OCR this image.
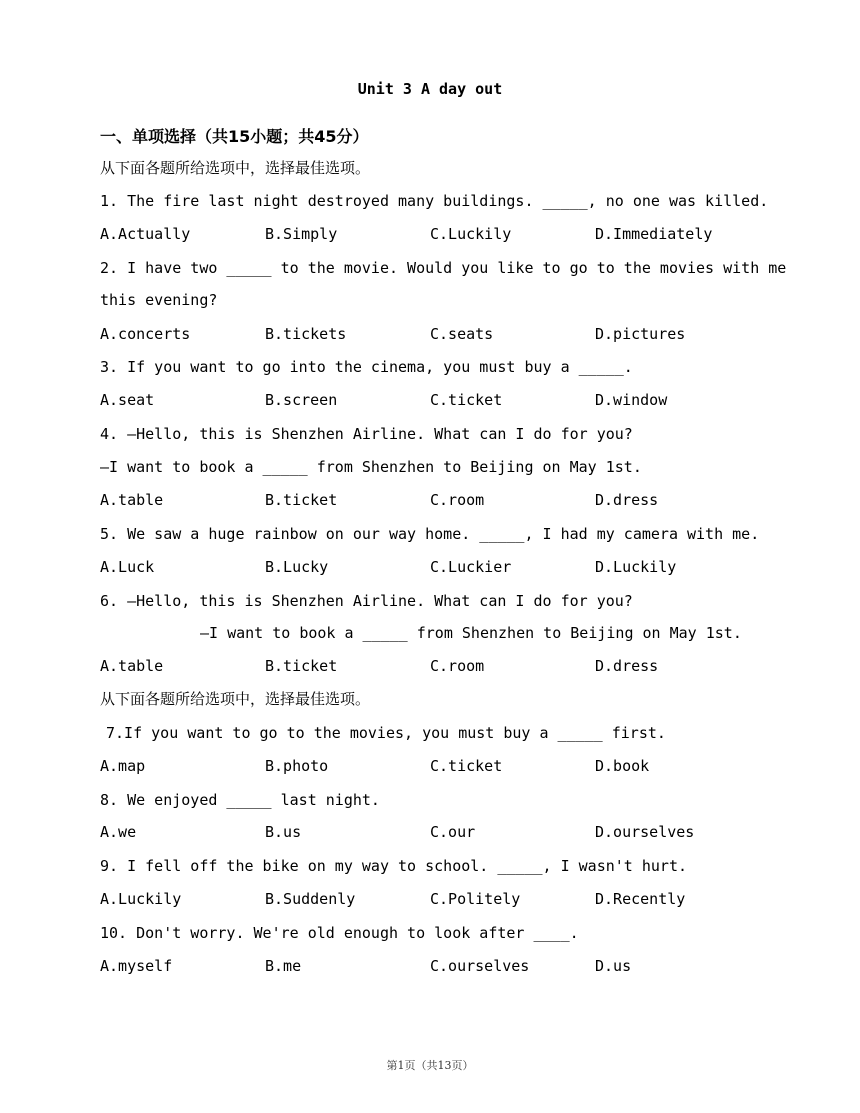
Unit 3 A day out
一、单项选择（共15小题；共45分）
从下面各题所给选项中，选择最佳选项。
1. The fire last night destroyed many buildings. _____, no one was killed.
A.Actually	B.Simply	C.Luckily	D.Immediately
2. I have two _____ to the movie. Would you like to go to the movies with me
this evening?
A.concerts	B.tickets	C.seats	D.pictures
3. If you want to go into the cinema, you must buy a _____.
A.seat	B.screen	C.ticket	D.window
4. —Hello, this is Shenzhen Airline. What can I do for you?
—I want to book a _____ from Shenzhen to Beijing on May 1st.
A.table	B.ticket	C.room	D.dress
5. We saw a huge rainbow on our way home. _____, I had my camera with me.
A.Luck	B.Lucky	C.Luckier	D.Luckily
6. —Hello, this is Shenzhen Airline. What can I do for you?
—I want to book a _____ from Shenzhen to Beijing on May 1st.
A.table	B.ticket	C.room	D.dress
从下面各题所给选项中，选择最佳选项。
7.If you want to go to the movies, you must buy a _____ first.
A.map	B.photo	C.ticket	D.book
8. We enjoyed _____ last night.
A.we	B.us	C.our	D.ourselves
9. I fell off the bike on my way to school. _____, I wasn't hurt.
A.Luckily	B.Suddenly	C.Politely	D.Recently
10. Don't worry. We're old enough to look after ____.
A.myself	B.me	C.ourselves	D.us
第1页（共13页）
